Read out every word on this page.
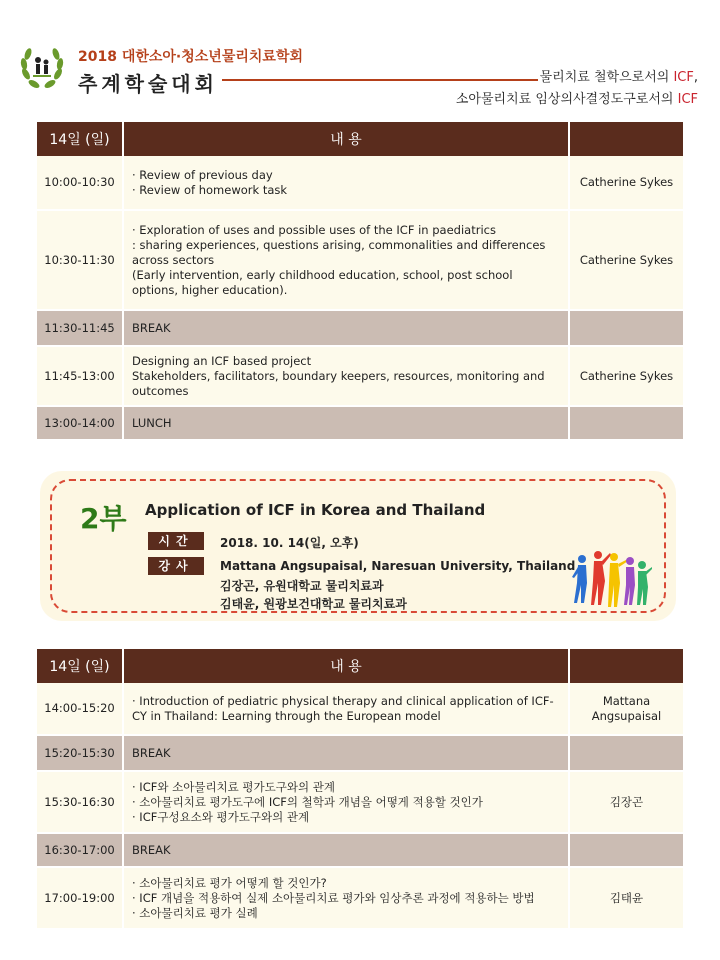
2018 대한소아·청소년물리치료학회
추계학술대회	물리치료 철학으로서의 ICF,
소아물리치료 임상의사결정도구로서의 ICF
14일 (일)	내 용	
10:00-10:30	· Review of previous day
· Review of homework task	Catherine Sykes
10:30-11:30	· Exploration of uses and possible uses of the ICF in paediatrics
: sharing experiences, questions arising, commonalities and differences across sectors
(Early intervention, early childhood education, school, post school options, higher education).	Catherine Sykes
11:30-11:45	BREAK	

11:45-13:00	Designing an ICF based project
Stakeholders, facilitators, boundary keepers, resources, monitoring and outcomes	Catherine Sykes
13:00-14:00	LUNCH	

2부 Application of ICF in Korea and Thailand
시간	2018. 10. 14(일, 오후)
강사	Mattana Angsupaisal, Naresuan University, Thailand
김장곤, 유원대학교 물리치료과
김태윤, 원광보건대학교 물리치료과
14일 (일)	내 용	
14:00-15:20	· Introduction of pediatric physical therapy and clinical application of ICF-CY in Thailand: Learning through the European model	Mattana Angsupaisal
15:20-15:30	BREAK	

15:30-16:30	· ICF와 소아물리치료 평가도구와의 관계
· 소아물리치료 평가도구에 ICF의 철학과 개념을 어떻게 적용할 것인가
· ICF구성요소와 평가도구와의 관계	김장곤
16:30-17:00	BREAK	

17:00-19:00	· 소아물리치료 평가 어떻게 할 것인가?
· ICF 개념을 적용하여 실제 소아물리치료 평가와 임상추론 과정에 적용하는 방법
· 소아물리치료 평가 실례	김태윤
